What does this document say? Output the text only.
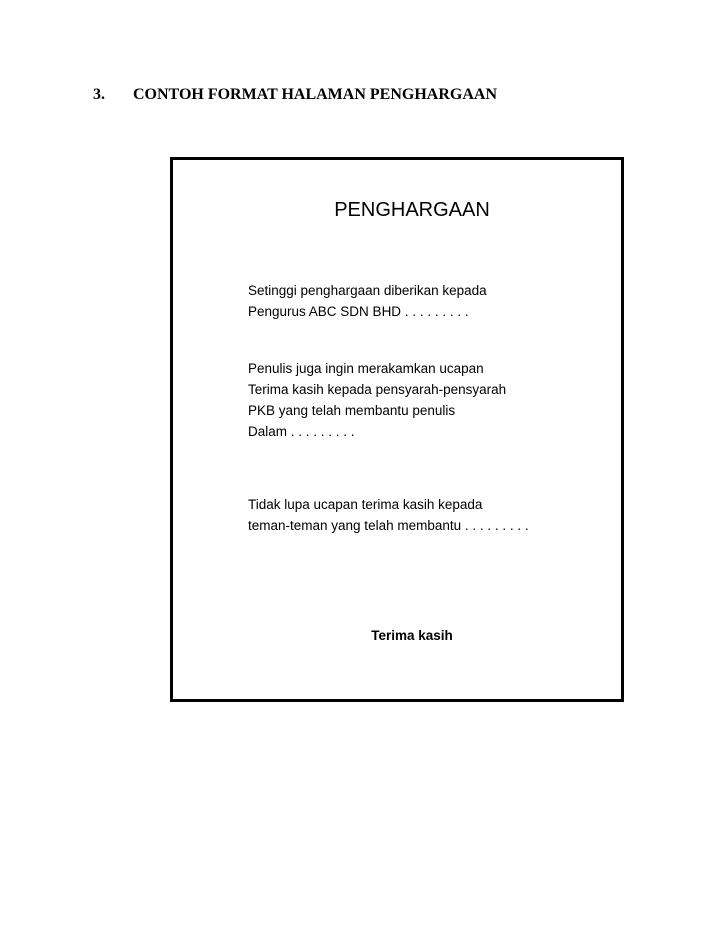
3. CONTOH FORMAT HALAMAN PENGHARGAAN
PENGHARGAAN
Setinggi penghargaan diberikan kepada
Pengurus ABC SDN BHD . . . . . . . . .
Penulis juga ingin merakamkan ucapan
Terima kasih kepada pensyarah-pensyarah
PKB yang telah membantu penulis
Dalam . . . . . . . . .
Tidak lupa ucapan terima kasih kepada
teman-teman yang telah membantu . . . . . . . . .
Terima kasih
